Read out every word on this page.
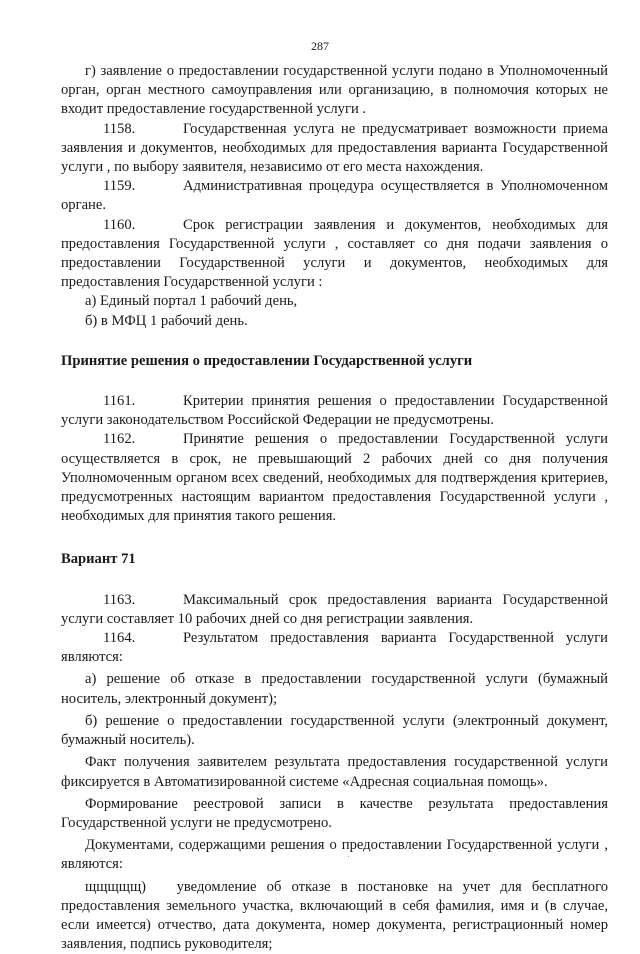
287

г) заявление о предоставлении государственной услуги подано в Уполномоченный орган, орган местного самоуправления или организацию, в полномочия которых не входит предоставление государственной услуги .

1158.	Государственная услуга не предусматривает возможности приема заявления и документов, необходимых для предоставления варианта Государственной услуги , по выбору заявителя, независимо от его места нахождения.

1159.	Административная процедура осуществляется в Уполномоченном органе.

1160.	Срок регистрации заявления и документов, необходимых для предоставления Государственной услуги , составляет со дня подачи заявления о предоставлении Государственной услуги и документов, необходимых для предоставления Государственной услуги :

а) Единый портал 1 рабочий день,

б) в МФЦ 1 рабочий день.

Принятие решения о предоставлении Государственной услуги

1161.	Критерии принятия решения о предоставлении Государственной услуги законодательством Российской Федерации не предусмотрены.

1162.	Принятие решения о предоставлении Государственной услуги осуществляется в срок, не превышающий 2 рабочих дней со дня получения Уполномоченным органом всех сведений, необходимых для подтверждения критериев, предусмотренных настоящим вариантом предоставления Государственной услуги , необходимых для принятия такого решения.

Вариант 71

1163.	Максимальный срок предоставления варианта Государственной услуги составляет 10 рабочих дней со дня регистрации заявления.

1164.	Результатом предоставления варианта Государственной услуги являются:

а) решение об отказе в предоставлении государственной услуги (бумажный носитель, электронный документ);

б) решение о предоставлении государственной услуги (электронный документ, бумажный носитель).

Факт получения заявителем результата предоставления государственной услуги фиксируется в Автоматизированной системе «Адресная социальная помощь».

Формирование реестровой записи в качестве результата предоставления Государственной услуги не предусмотрено.

Документами, содержащими решения о предоставлении Государственной услуги , являются:

щщщщщ) уведомление об отказе в постановке на учет для бесплатного предоставления земельного участка, включающий в себя фамилия, имя и (в случае, если имеется) отчество, дата документа, номер документа, регистрационный номер заявления, подпись руководителя;
